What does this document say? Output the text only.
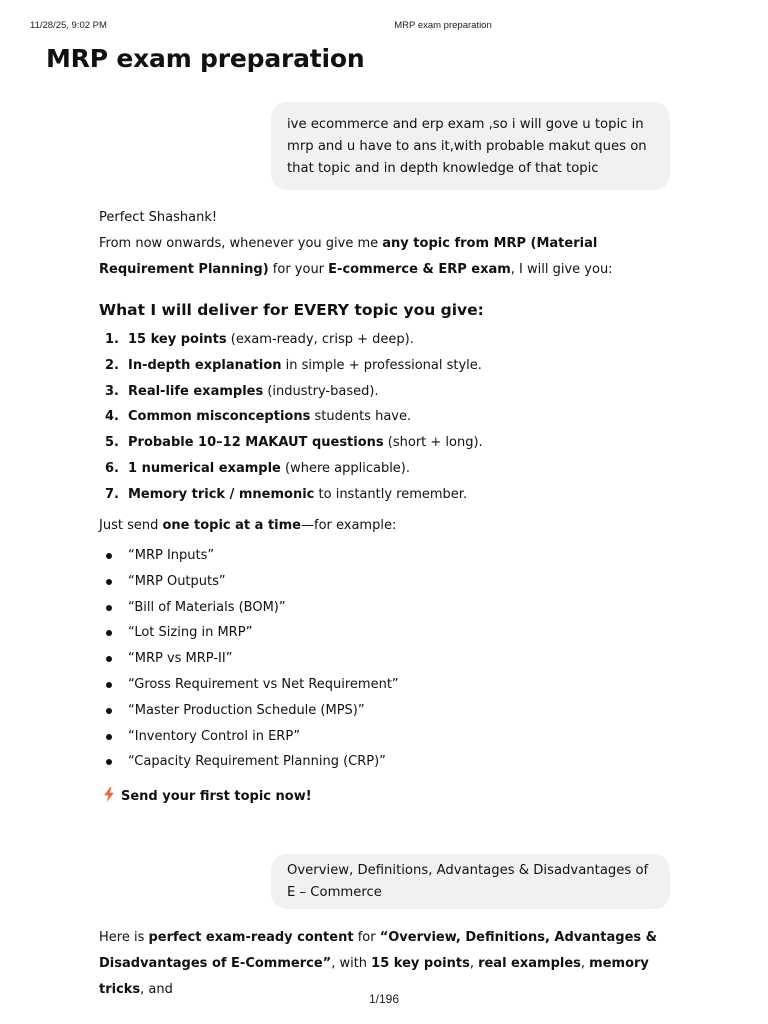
11/28/25, 9:02 PM	MRP exam preparation
MRP exam preparation
ive ecommerce and erp exam ,so i will gove u topic in mrp and u have to ans it,with probable makut ques on that topic and in depth knowledge of that topic

Perfect Shashank!

From now onwards, whenever you give me any topic from MRP (Material Requirement Planning) for your E-commerce & ERP exam, I will give you:

What I will deliver for EVERY topic you give:
1. 15 key points (exam-ready, crisp + deep).
2. In-depth explanation in simple + professional style.
3. Real-life examples (industry-based).
4. Common misconceptions students have.
5. Probable 10–12 MAKAUT questions (short + long).
6. 1 numerical example (where applicable).
7. Memory trick / mnemonic to instantly remember.

Just send one topic at a time—for example:

“MRP Inputs”
“MRP Outputs”
“Bill of Materials (BOM)”
“Lot Sizing in MRP”
“MRP vs MRP-II”
“Gross Requirement vs Net Requirement”
“Master Production Schedule (MPS)”
“Inventory Control in ERP”
“Capacity Requirement Planning (CRP)”
Send your first topic now!
Overview, Definitions, Advantages & Disadvantages of E – Commerce

Here is perfect exam-ready content for “Overview, Definitions, Advantages & Disadvantages of E-Commerce”, with 15 key points, real examples, memory tricks, and

1/196
